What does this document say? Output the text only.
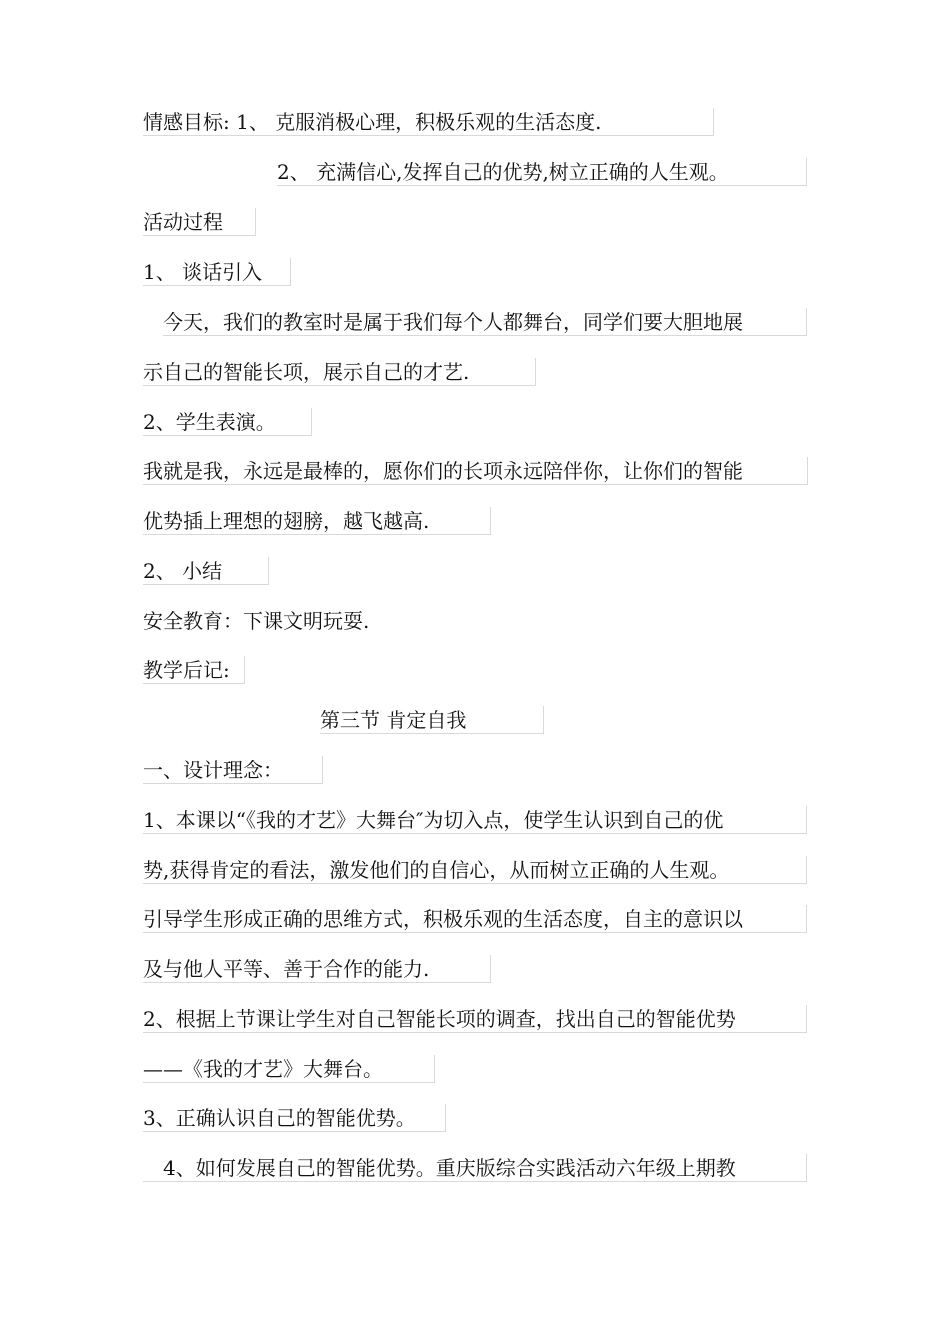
情感目标: 1、 克服消极心理，积极乐观的生活态度.
2、 充满信心,发挥自己的优势,树立正确的人生观。
活动过程
1、 谈话引入
今天，我们的教室时是属于我们每个人都舞台，同学们要大胆地展
示自己的智能长项，展示自己的才艺.
2、学生表演。
我就是我，永远是最棒的，愿你们的长项永远陪伴你，让你们的智能
优势插上理想的翅膀，越飞越高.
2、 小结
安全教育：下课文明玩耍.
教学后记:
第三节 肯定自我
一、设计理念：
1、本课以“《我的才艺》大舞台″为切入点，使学生认识到自己的优
势,获得肯定的看法，激发他们的自信心，从而树立正确的人生观。
引导学生形成正确的思维方式，积极乐观的生活态度，自主的意识以
及与他人平等、善于合作的能力.
2、根据上节课让学生对自己智能长项的调查，找出自己的智能优势
——《我的才艺》大舞台。
3、正确认识自己的智能优势。
4、如何发展自己的智能优势。重庆版综合实践活动六年级上期教
